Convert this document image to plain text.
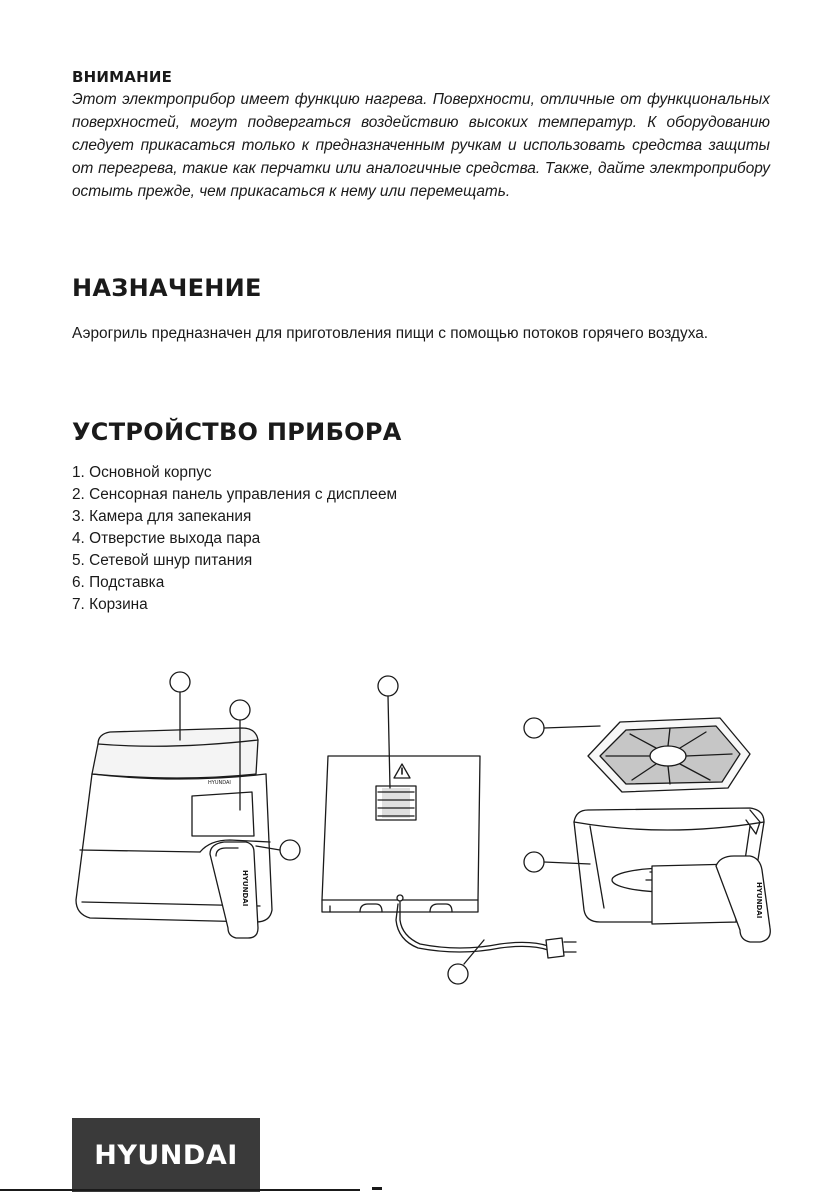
ВНИМАНИЕ

Этот электроприбор имеет функцию нагрева. Поверхности, отличные от функциональных поверхностей, могут подвергаться воздействию высоких температур. К оборудованию следует прикасаться только к предназначенным ручкам и использовать средства защиты от перегрева, такие как перчатки или аналогичные средства. Также, дайте электроприбору остыть прежде, чем прикасаться к нему или перемещать.

НАЗНАЧЕНИЕ

Аэрогриль предназначен для приготовления пищи с помощью потоков горячего воздуха.

УСТРОЙСТВО ПРИБОРА
1. Основной корпус
2. Сенсорная панель управления с дисплеем
3. Камера для запекания
4. Отверстие выхода пара
5. Сетевой шнур питания
6. Подставка
7. Корзина
HYUNDAI
HYUNDAI	HYUNDAI
HYUNDAI
